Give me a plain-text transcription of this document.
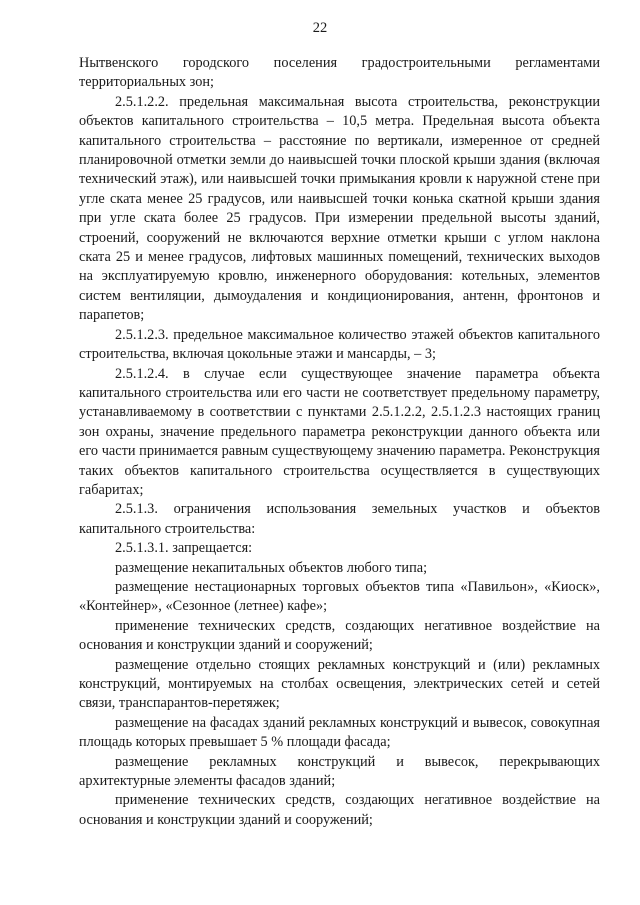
22

Нытвенского городского поселения градостроительными регламентами территориальных зон;

2.5.1.2.2. предельная максимальная высота строительства, реконструкции объектов капитального строительства – 10,5 метра. Предельная высота объекта капитального строительства – расстояние по вертикали, измеренное от средней планировочной отметки земли до наивысшей точки плоской крыши здания (включая технический этаж), или наивысшей точки примыкания кровли к наружной стене при угле ската менее 25 градусов, или наивысшей точки конька скатной крыши здания при угле ската более 25 градусов. При измерении предельной высоты зданий, строений, сооружений не включаются верхние отметки крыши с углом наклона ската 25 и менее градусов, лифтовых машинных помещений, технических выходов на эксплуатируемую кровлю, инженерного оборудования: котельных, элементов систем вентиляции, дымоудаления и кондиционирования, антенн, фронтонов и парапетов;

2.5.1.2.3. предельное максимальное количество этажей объектов капитального строительства, включая цокольные этажи и мансарды, – 3;

2.5.1.2.4. в случае если существующее значение параметра объекта капитального строительства или его части не соответствует предельному параметру, устанавливаемому в соответствии с пунктами 2.5.1.2.2, 2.5.1.2.3 настоящих границ зон охраны, значение предельного параметра реконструкции данного объекта или его части принимается равным существующему значению параметра. Реконструкция таких объектов капитального строительства осуществляется в существующих габаритах;

2.5.1.3. ограничения использования земельных участков и объектов капитального строительства:

2.5.1.3.1. запрещается:

размещение некапитальных объектов любого типа;

размещение нестационарных торговых объектов типа «Павильон», «Киоск», «Контейнер», «Сезонное (летнее) кафе»;

применение технических средств, создающих негативное воздействие на основания и конструкции зданий и сооружений;

размещение отдельно стоящих рекламных конструкций и (или) рекламных конструкций, монтируемых на столбах освещения, электрических сетей и сетей связи, транспарантов-перетяжек;

размещение на фасадах зданий рекламных конструкций и вывесок, совокупная площадь которых превышает 5 % площади фасада;

размещение рекламных конструкций и вывесок, перекрывающих архитектурные элементы фасадов зданий;

применение технических средств, создающих негативное воздействие на основания и конструкции зданий и сооружений;
